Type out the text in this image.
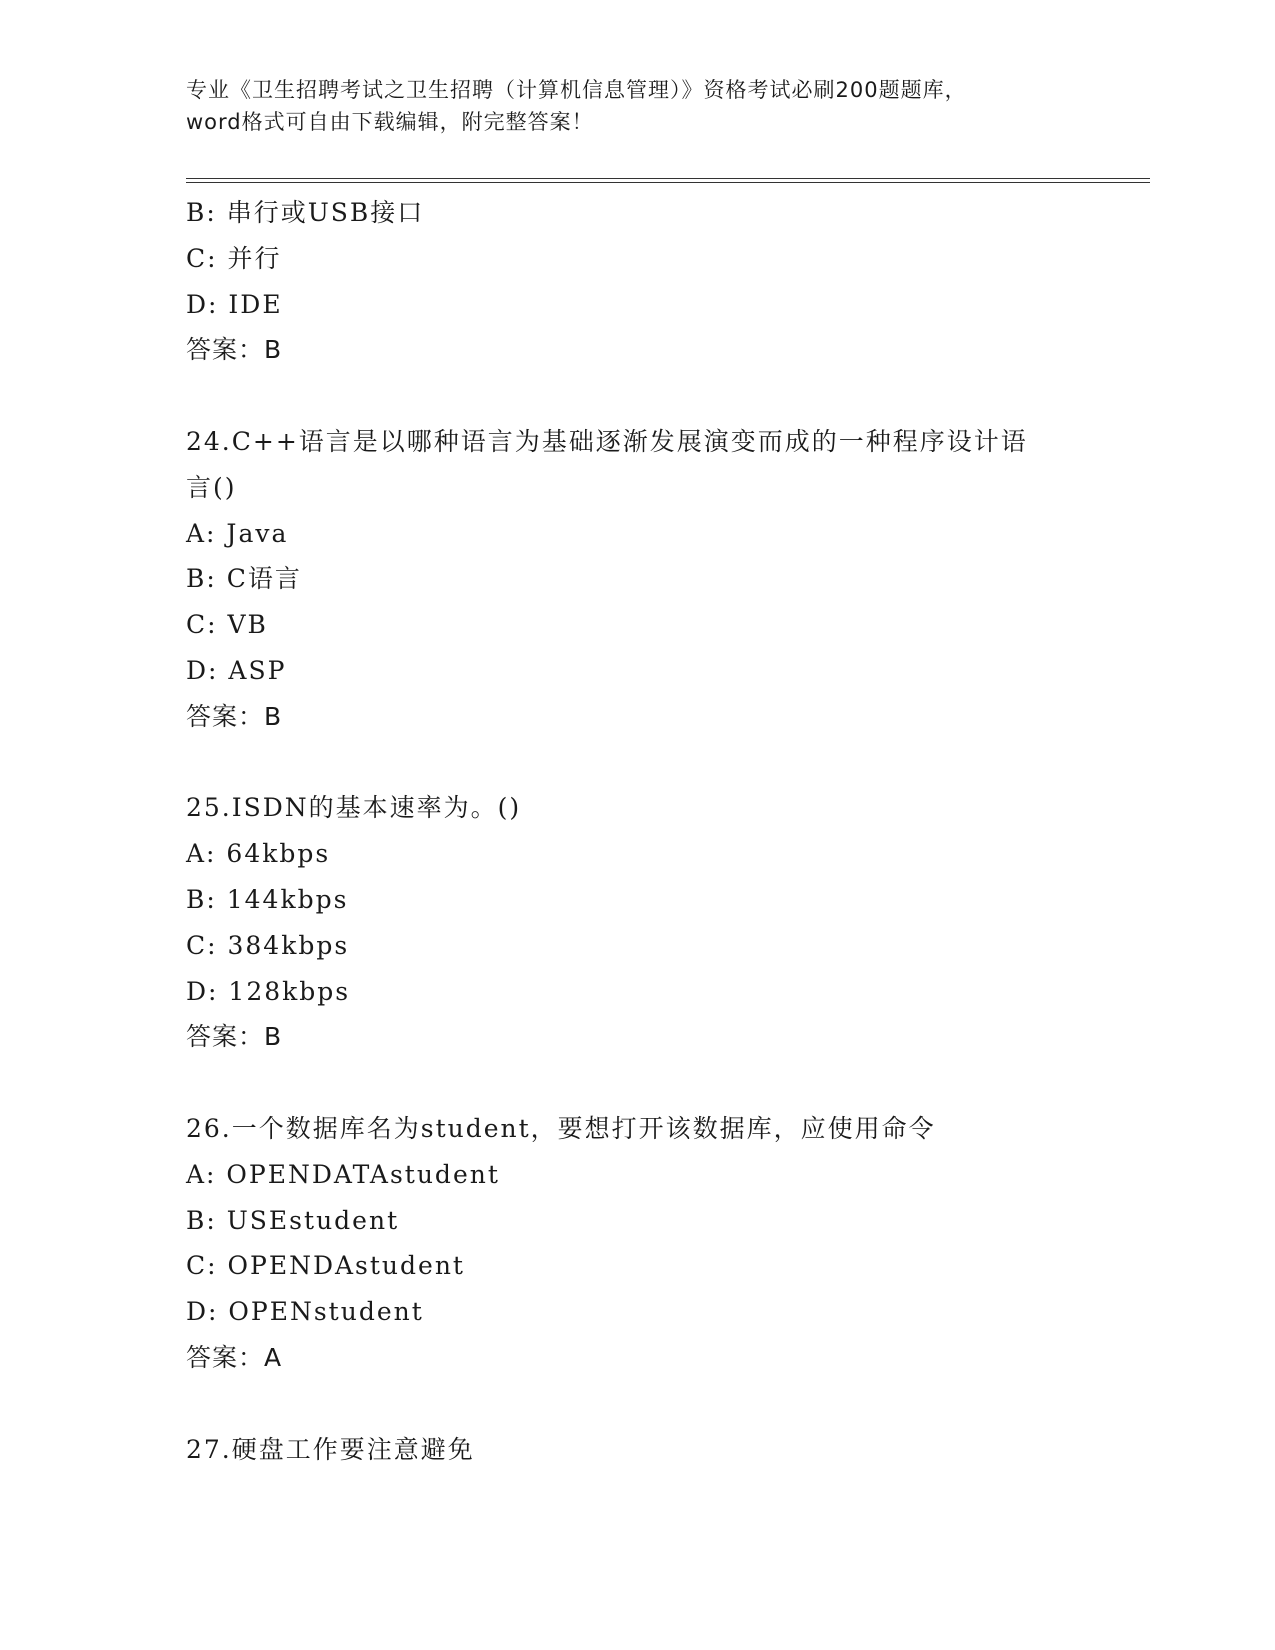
专业《卫生招聘考试之卫生招聘（计算机信息管理）》资格考试必刷200题题库，
word格式可自由下载编辑，附完整答案！
B: 串行或USB接口
C: 并行
D: IDE
答案：B
24.C++语言是以哪种语言为基础逐渐发展演变而成的一种程序设计语
言()
A: Java
B: C语言
C: VB
D: ASP
答案：B
25.ISDN的基本速率为。()
A: 64kbps
B: 144kbps
C: 384kbps
D: 128kbps
答案：B
26.一个数据库名为student，要想打开该数据库，应使用命令
A: OPENDATAstudent
B: USEstudent
C: OPENDAstudent
D: OPENstudent
答案：A
27.硬盘工作要注意避免
